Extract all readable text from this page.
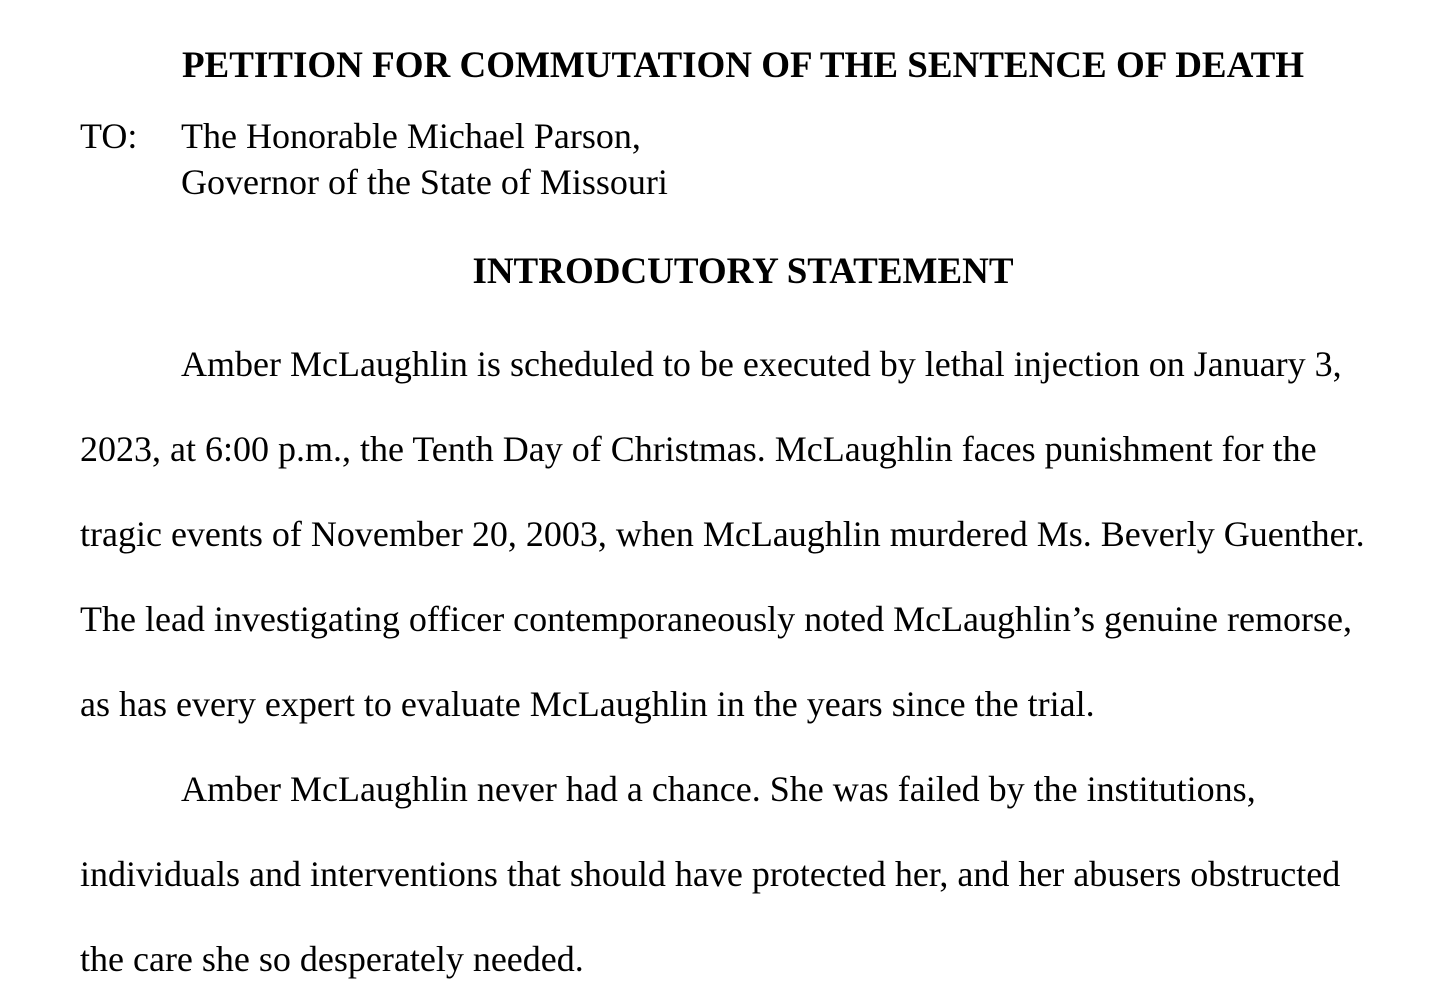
PETITION FOR COMMUTATION OF THE SENTENCE OF DEATH
TO: The Honorable Michael Parson,
Governor of the State of Missouri
INTRODCUTORY STATEMENT
Amber McLaughlin is scheduled to be executed by lethal injection on January 3,
2023, at 6:00 p.m., the Tenth Day of Christmas. McLaughlin faces punishment for the
tragic events of November 20, 2003, when McLaughlin murdered Ms. Beverly Guenther.
The lead investigating officer contemporaneously noted McLaughlin’s genuine remorse,
as has every expert to evaluate McLaughlin in the years since the trial.
Amber McLaughlin never had a chance. She was failed by the institutions,
individuals and interventions that should have protected her, and her abusers obstructed
the care she so desperately needed.
